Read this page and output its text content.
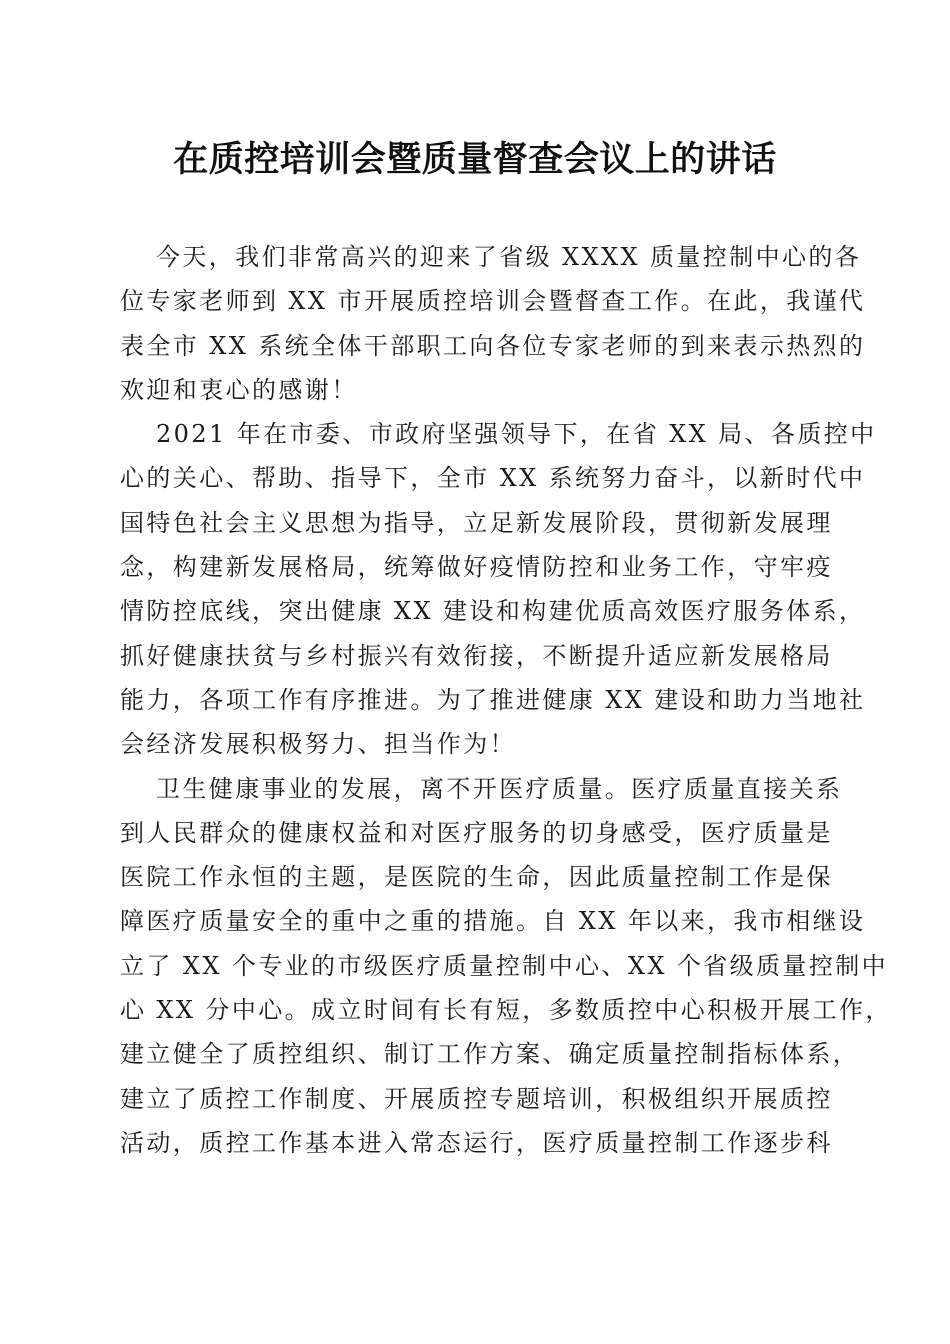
在质控培训会暨质量督查会议上的讲话
今天，我们非常高兴的迎来了省级 XXXX 质量控制中心的各
位专家老师到 XX 市开展质控培训会暨督查工作。在此，我谨代
表全市 XX 系统全体干部职工向各位专家老师的到来表示热烈的
欢迎和衷心的感谢！
2021 年在市委、市政府坚强领导下，在省 XX 局、各质控中
心的关心、帮助、指导下，全市 XX 系统努力奋斗，以新时代中
国特色社会主义思想为指导，立足新发展阶段，贯彻新发展理
念，构建新发展格局，统筹做好疫情防控和业务工作，守牢疫
情防控底线，突出健康 XX 建设和构建优质高效医疗服务体系，
抓好健康扶贫与乡村振兴有效衔接，不断提升适应新发展格局
能力，各项工作有序推进。为了推进健康 XX 建设和助力当地社
会经济发展积极努力、担当作为！
卫生健康事业的发展，离不开医疗质量。医疗质量直接关系
到人民群众的健康权益和对医疗服务的切身感受，医疗质量是
医院工作永恒的主题，是医院的生命，因此质量控制工作是保
障医疗质量安全的重中之重的措施。自 XX 年以来，我市相继设
立了 XX 个专业的市级医疗质量控制中心、XX 个省级质量控制中
心 XX 分中心。成立时间有长有短，多数质控中心积极开展工作，
建立健全了质控组织、制订工作方案、确定质量控制指标体系，
建立了质控工作制度、开展质控专题培训，积极组织开展质控
活动，质控工作基本进入常态运行，医疗质量控制工作逐步科
